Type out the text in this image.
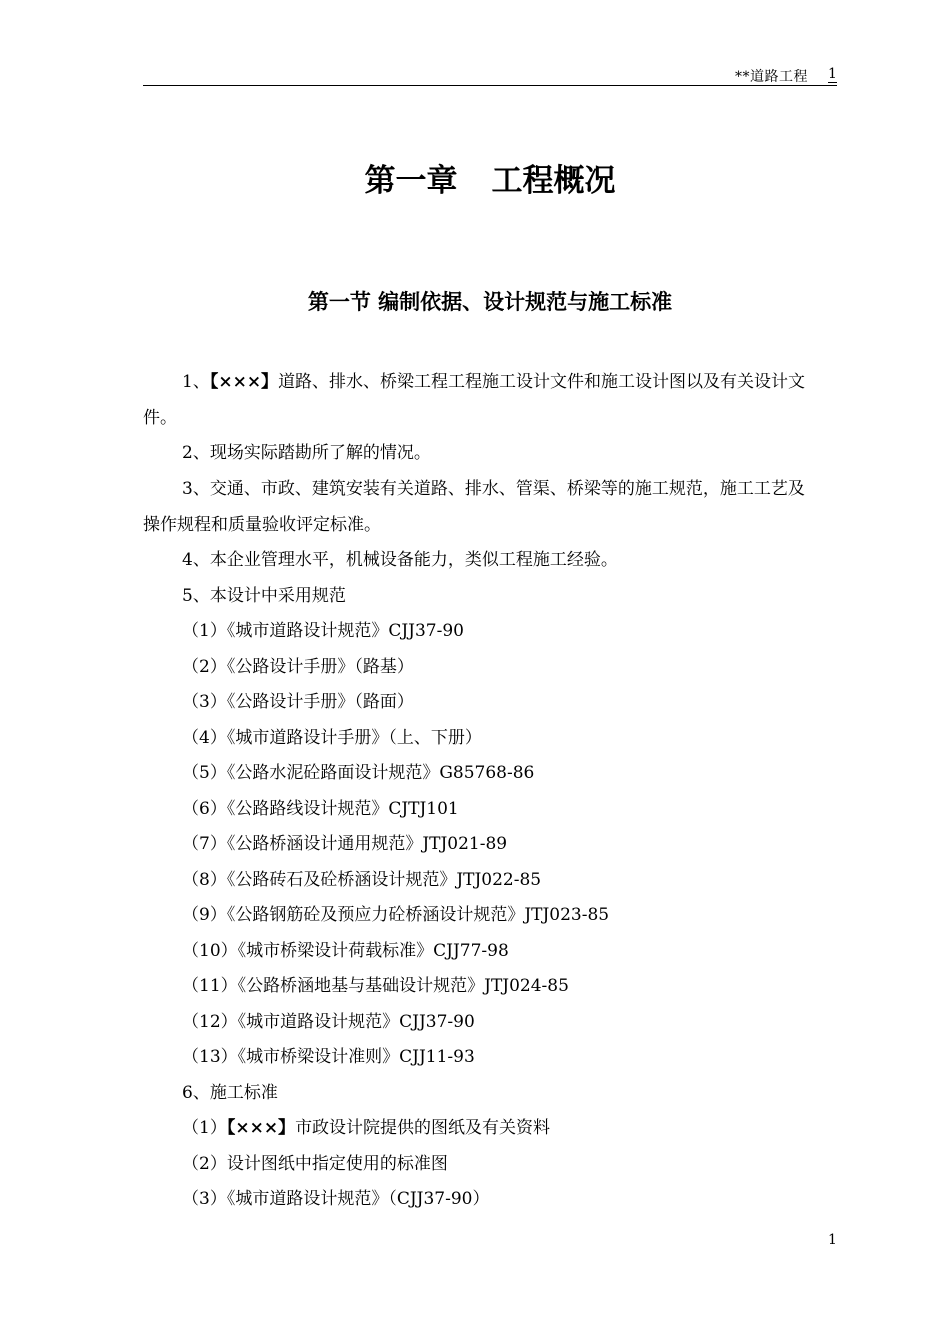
**道路工程 1
第一章 工程概况
第一节 编制依据、设计规范与施工标准
1、【×××】道路、排水、桥梁工程工程施工设计文件和施工设计图以及有关设计文
件。
2、现场实际踏勘所了解的情况。
3、交通、市政、建筑安装有关道路、排水、管渠、桥梁等的施工规范，施工工艺及
操作规程和质量验收评定标准。
4、本企业管理水平，机械设备能力，类似工程施工经验。
5、本设计中采用规范
（1）《城市道路设计规范》CJJ37-90
（2）《公路设计手册》（路基）
（3）《公路设计手册》（路面）
（4）《城市道路设计手册》（上、下册）
（5）《公路水泥砼路面设计规范》G85768-86
（6）《公路路线设计规范》CJTJ101
（7）《公路桥涵设计通用规范》JTJ021-89
（8）《公路砖石及砼桥涵设计规范》JTJ022-85
（9）《公路钢筋砼及预应力砼桥涵设计规范》JTJ023-85
（10）《城市桥梁设计荷载标准》CJJ77-98
（11）《公路桥涵地基与基础设计规范》JTJ024-85
（12）《城市道路设计规范》CJJ37-90
（13）《城市桥梁设计准则》CJJ11-93
6、施工标准
（1）【×××】市政设计院提供的图纸及有关资料
（2）设计图纸中指定使用的标准图
（3）《城市道路设计规范》（CJJ37-90）
1
